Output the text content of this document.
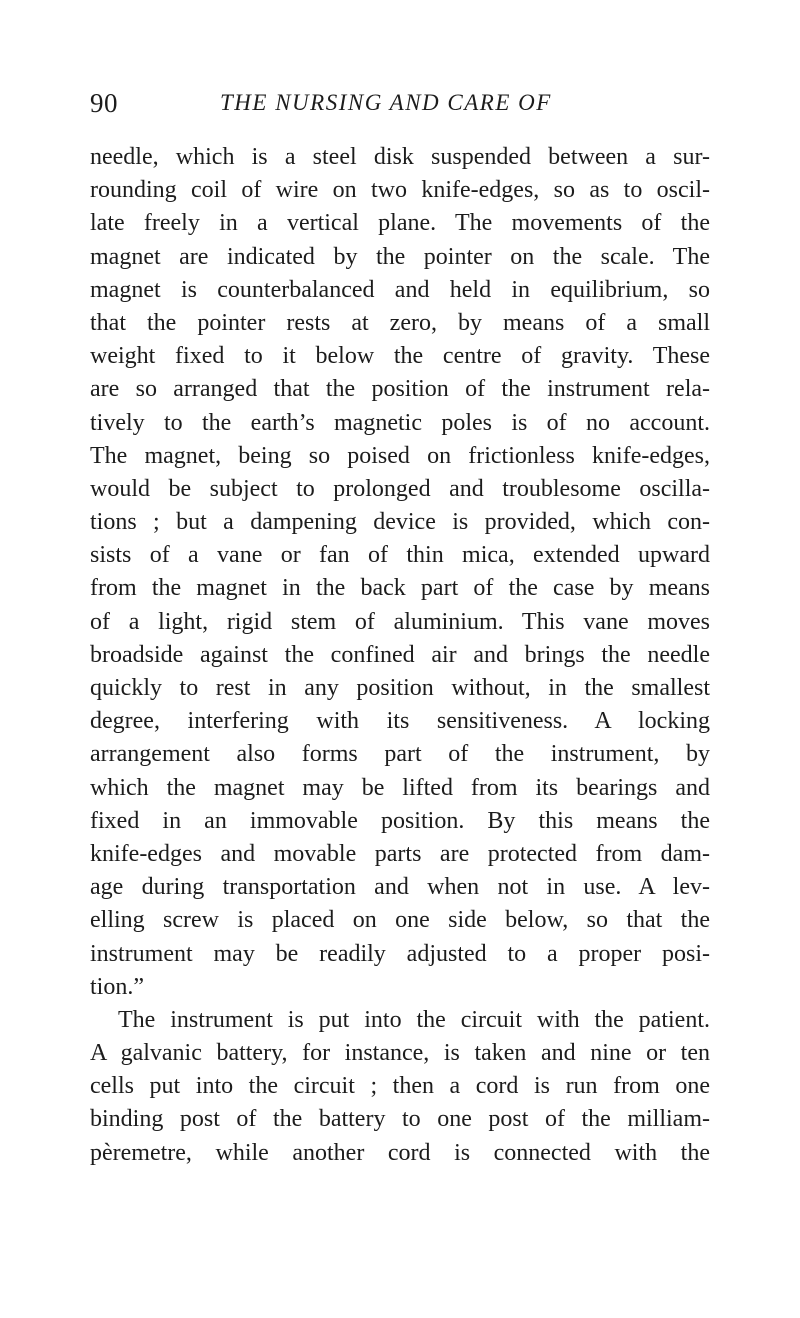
90	THE NURSING AND CARE OF
needle, which is a steel disk suspended between a sur-
rounding coil of wire on two knife-edges, so as to oscil-
late freely in a vertical plane. The movements of the
magnet are indicated by the pointer on the scale. The
magnet is counterbalanced and held in equilibrium, so
that the pointer rests at zero, by means of a small
weight fixed to it below the centre of gravity. These
are so arranged that the position of the instrument rela-
tively to the earth’s magnetic poles is of no account.
The magnet, being so poised on frictionless knife-edges,
would be subject to prolonged and troublesome oscilla-
tions ; but a dampening device is provided, which con-
sists of a vane or fan of thin mica, extended upward
from the magnet in the back part of the case by means
of a light, rigid stem of aluminium. This vane moves
broadside against the confined air and brings the needle
quickly to rest in any position without, in the smallest
degree, interfering with its sensitiveness. A locking
arrangement also forms part of the instrument, by
which the magnet may be lifted from its bearings and
fixed in an immovable position. By this means the
knife-edges and movable parts are protected from dam-
age during transportation and when not in use. A lev-
elling screw is placed on one side below, so that the
instrument may be readily adjusted to a proper posi-
tion.”
The instrument is put into the circuit with the patient.
A galvanic battery, for instance, is taken and nine or ten
cells put into the circuit ; then a cord is run from one
binding post of the battery to one post of the milliam-
pèremetre, while another cord is connected with the
